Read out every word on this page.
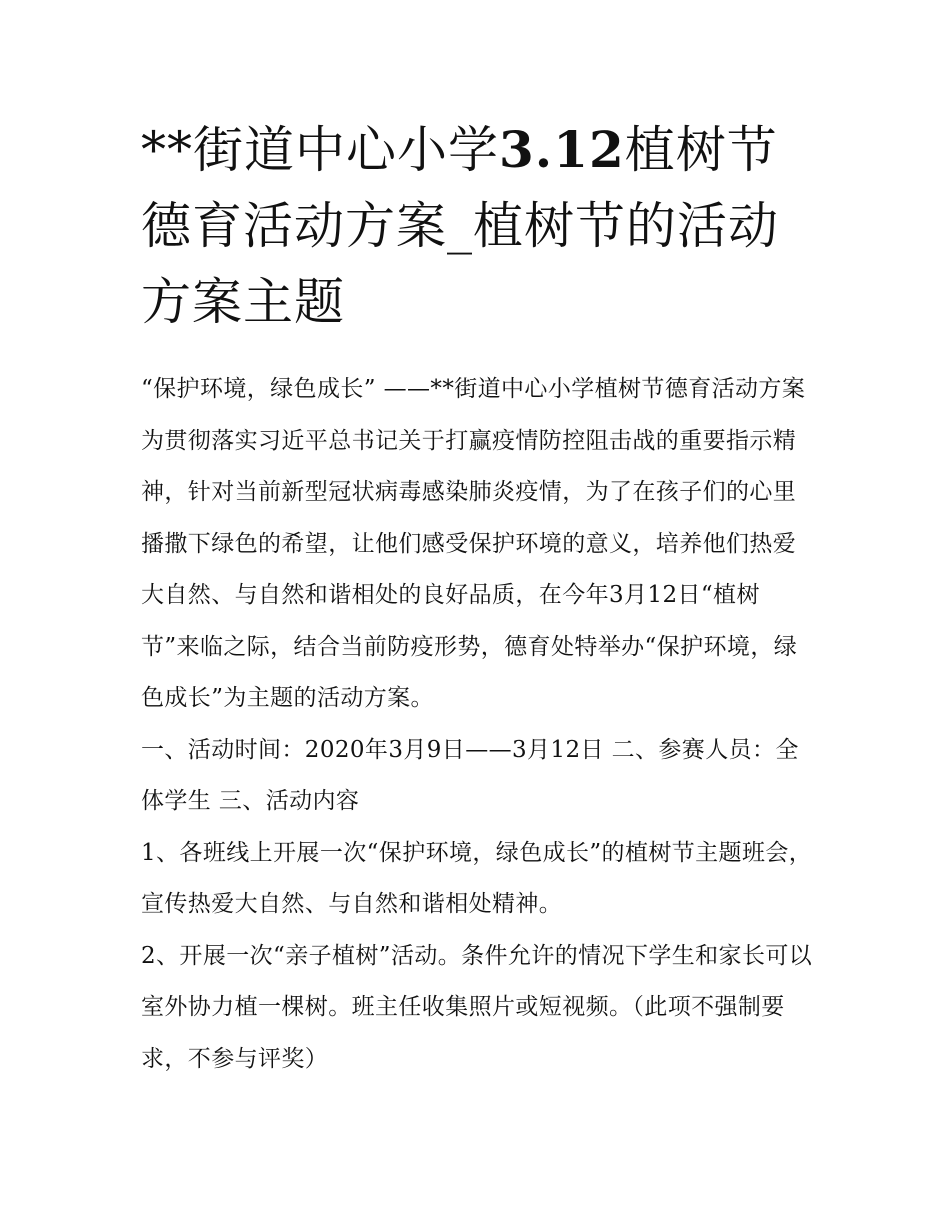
**街道中心小学3.12植树节德育活动方案_植树节的活动方案主题

“保护环境，绿色成长” ——**街道中心小学植树节德育活动方案

为贯彻落实习近平总书记关于打赢疫情防控阻击战的重要指示精神，针对当前新型冠状病毒感染肺炎疫情，为了在孩子们的心里播撒下绿色的希望，让他们感受保护环境的意义，培养他们热爱大自然、与自然和谐相处的良好品质，在今年3月12日“植树节”来临之际，结合当前防疫形势，德育处特举办“保护环境，绿色成长”为主题的活动方案。

一、活动时间：2020年3月9日——3月12日 二、参赛人员：全体学生 三、活动内容

1、各班线上开展一次“保护环境，绿色成长”的植树节主题班会，宣传热爱大自然、与自然和谐相处精神。

2、开展一次“亲子植树”活动。条件允许的情况下学生和家长可以室外协力植一棵树。班主任收集照片或短视频。（此项不强制要求，不参与评奖）
